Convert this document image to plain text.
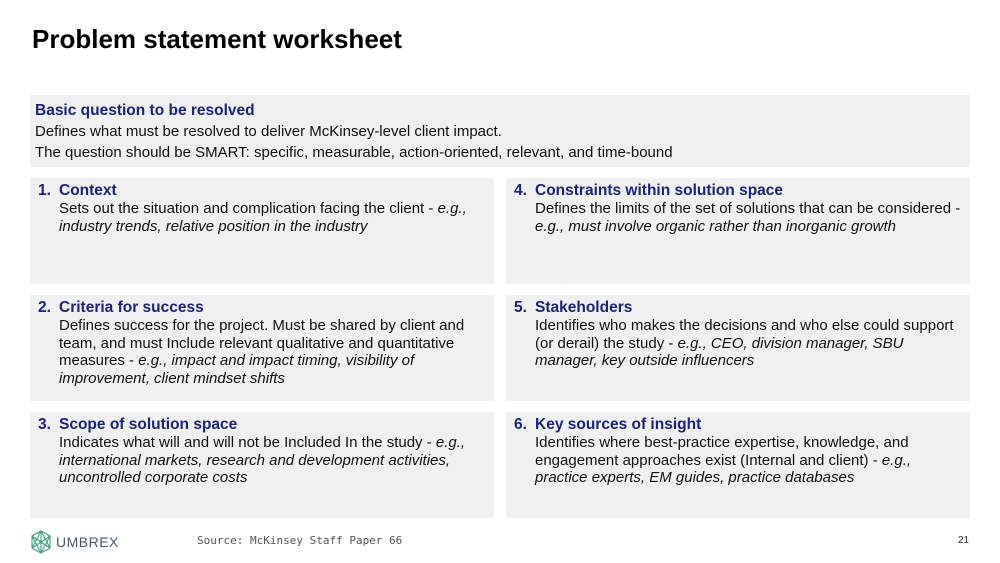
Problem statement worksheet
Basic question to be resolved
Defines what must be resolved to deliver McKinsey-level client impact.
The question should be SMART: specific, measurable, action-oriented, relevant, and time-bound
1. Context
Sets out the situation and complication facing the client - e.g., industry trends, relative position in the industry
2. Criteria for success
Defines success for the project. Must be shared by client and team, and must Include relevant qualitative and quantitative measures - e.g., impact and impact timing, visibility of improvement, client mindset shifts
3. Scope of solution space
Indicates what will and will not be Included In the study - e.g., international markets, research and development activities, uncontrolled corporate costs
4. Constraints within solution space
Defines the limits of the set of solutions that can be considered - e.g., must involve organic rather than inorganic growth
5. Stakeholders
Identifies who makes the decisions and who else could support (or derail) the study - e.g., CEO, division manager, SBU manager, key outside influencers
6. Key sources of insight
Identifies where best-practice expertise, knowledge, and engagement approaches exist (Internal and client) - e.g., practice experts, EM guides, practice databases
UMBREX	Source: McKinsey Staff Paper 66	21
